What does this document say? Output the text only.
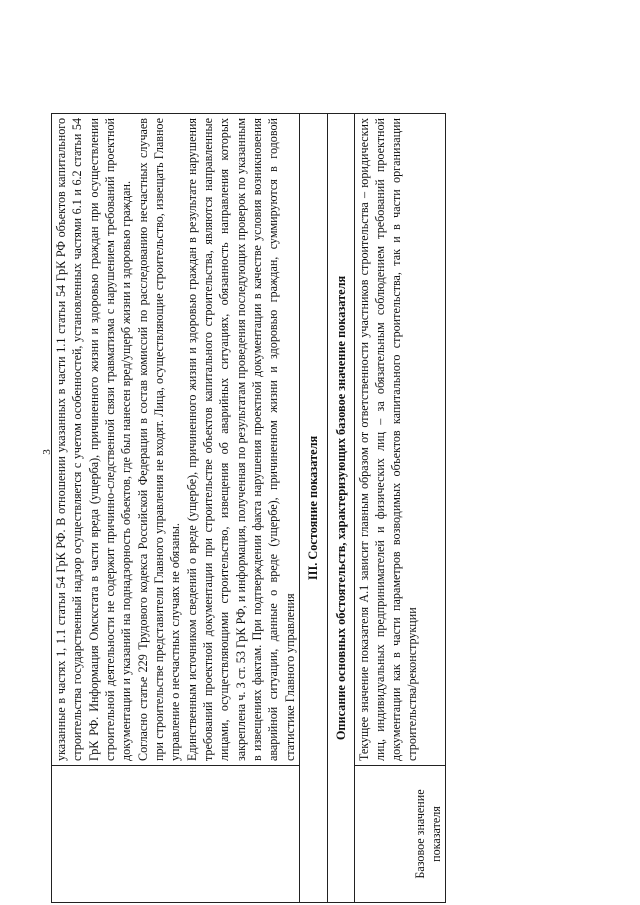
3

	указанные в частях 1, 1.1 статьи 54 ГрК РФ. В отношении указанных в части 1.1 статьи 54 ГрК РФ объектов капитального строительства государственный надзор осуществляется с учетом особенностей, установленных частями 6.1 и 6.2 статьи 54 ГрК РФ. Информация Омскстата в части вреда (ущерба), причиненного жизни и здоровью граждан при осуществлении строительной деятельности не содержит причинно-следственной связи травматизма с нарушением требований проектной документации и указаний на поднадзорность объектов, где был нанесен вред/ущерб жизни и здоровью граждан. Согласно статье 229 Трудового кодекса Российской Федерации в состав комиссий по расследованию несчастных случаев при строительстве представители Главного управления не входят. Лица, осуществляющие строительство, извещать Главное управление о несчастных случаях не обязаны. Единственным источником сведений о вреде (ущербе), причиненного жизни и здоровью граждан в результате нарушения требований проектной документации при строительстве объектов капитального строительства, являются направленные лицами, осуществляющими строительство, извещения об аварийных ситуациях, обязанность направления которых закреплена ч. 3 ст. 53 ГрК РФ, и информация, полученная по результатам проведения последующих проверок по указанным в извещениях фактам. При подтверждении факта нарушения проектной документации в качестве условия возникновения аварийной ситуации, данные о вреде (ущербе), причиненном жизни и здоровью граждан, суммируются в годовой статистике Главного управления

III. Состояние показателя	
Описание основных обстоятельств, характеризующих базовое значение показателя	

Базовое значение показателя	Текущее значение показателя А.1 зависит главным образом от ответственности участников строительства – юридических лиц, индивидуальных предпринимателей и физических лиц – за обязательным соблюдением требований проектной документации как в части параметров возводимых объектов капитального строительства, так и в части организации строительства/реконструкции
